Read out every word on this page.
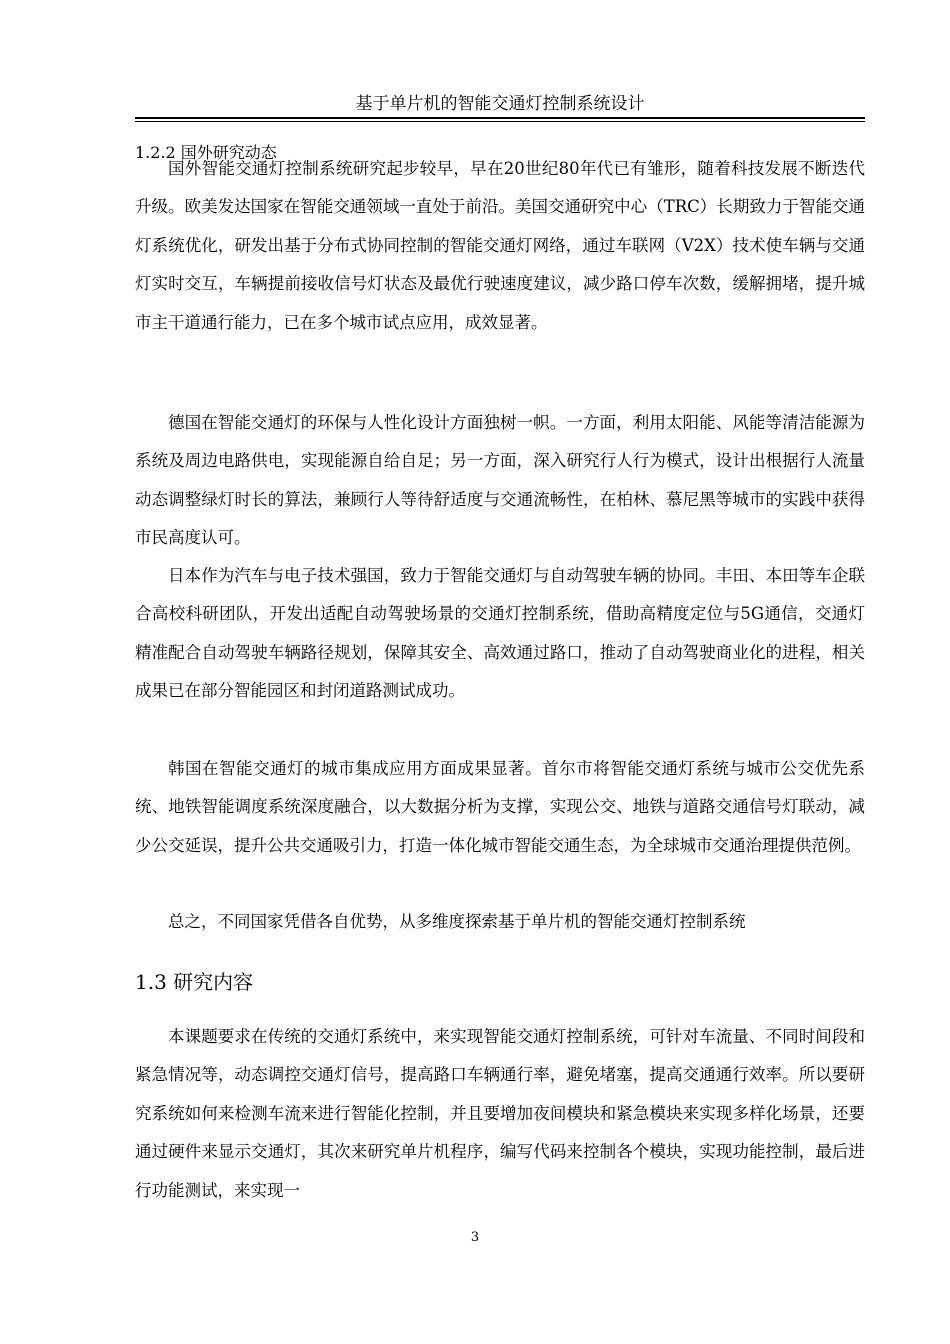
基于单片机的智能交通灯控制系统设计
1.2.2 国外研究动态

国外智能交通灯控制系统研究起步较早，早在20世纪80年代已有雏形，随着科技发展不断迭代升级。欧美发达国家在智能交通领域一直处于前沿。美国交通研究中心（TRC）长期致力于智能交通灯系统优化，研发出基于分布式协同控制的智能交通灯网络，通过车联网（V2X）技术使车辆与交通灯实时交互，车辆提前接收信号灯状态及最优行驶速度建议，减少路口停车次数，缓解拥堵，提升城市主干道通行能力，已在多个城市试点应用，成效显著。

德国在智能交通灯的环保与人性化设计方面独树一帜。一方面，利用太阳能、风能等清洁能源为系统及周边电路供电，实现能源自给自足；另一方面，深入研究行人行为模式，设计出根据行人流量动态调整绿灯时长的算法，兼顾行人等待舒适度与交通流畅性，在柏林、慕尼黑等城市的实践中获得市民高度认可。

日本作为汽车与电子技术强国，致力于智能交通灯与自动驾驶车辆的协同。丰田、本田等车企联合高校科研团队，开发出适配自动驾驶场景的交通灯控制系统，借助高精度定位与5G通信，交通灯精准配合自动驾驶车辆路径规划，保障其安全、高效通过路口，推动了自动驾驶商业化的进程，相关成果已在部分智能园区和封闭道路测试成功。

韩国在智能交通灯的城市集成应用方面成果显著。首尔市将智能交通灯系统与城市公交优先系统、地铁智能调度系统深度融合，以大数据分析为支撑，实现公交、地铁与道路交通信号灯联动，减少公交延误，提升公共交通吸引力，打造一体化城市智能交通生态，为全球城市交通治理提供范例。

总之，不同国家凭借各自优势，从多维度探索基于单片机的智能交通灯控制系统

1.3 研究内容

本课题要求在传统的交通灯系统中，来实现智能交通灯控制系统，可针对车流量、不同时间段和紧急情况等，动态调控交通灯信号，提高路口车辆通行率，避免堵塞，提高交通通行效率。所以要研究系统如何来检测车流来进行智能化控制，并且要增加夜间模块和紧急模块来实现多样化场景，还要通过硬件来显示交通灯，其次来研究单片机程序，编写代码来控制各个模块，实现功能控制，最后进行功能测试，来实现一

3
